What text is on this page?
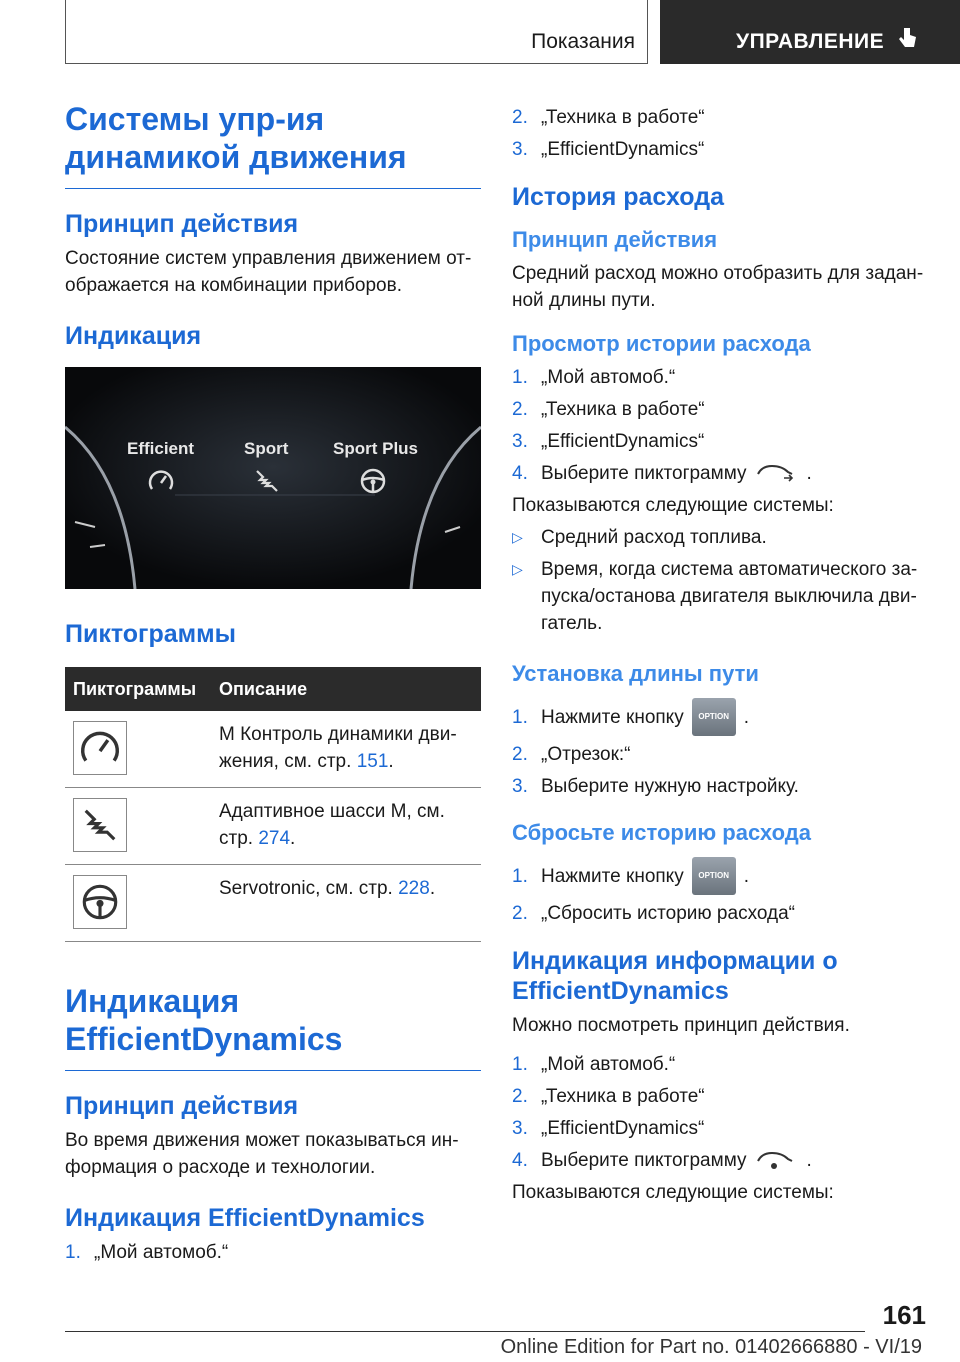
Показания	УПРАВЛЕНИЕ
Системы упр-ия динамикой движения
Принцип действия

Состояние систем управления движением отображается на комбинации приборов.

Индикация
Efficient	Sport	Sport Plus
Пиктограммы
Пиктограммы	Описание

	M Контроль динамики движения, см. стр. 151.

	Адаптивное шасси M, см. стр. 274.

	Servotronic, см. стр. 228.
Индикация EfficientDynamics
Принцип действия

Во время движения может показываться информация о расходе и технологии.

Индикация EfficientDynamics
1. „Мой автомоб.“
2. „Техника в работе“
3. „EfficientDynamics“
История расхода
Принцип действия

Средний расход можно отобразить для заданной длины пути.

Просмотр истории расхода
1. „Мой автомоб.“
2. „Техника в работе“
3. „EfficientDynamics“
4. Выберите пиктограмму	.

Показываются следующие системы:

▷ Средний расход топлива.
▷ Время, когда система автоматического запуска/останова двигателя выключила двигатель.
Установка длины пути
1. Нажмите кнопку	OPTION .
2. „Отрезок:“
3. Выберите нужную настройку.
Сбросьте историю расхода
1. Нажмите кнопку	OPTION .
2. „Сбросить историю расхода“
Индикация информации о EfficientDynamics

Можно посмотреть принцип действия.

1. „Мой автомоб.“
2. „Техника в работе“
3. „EfficientDynamics“
4. Выберите пиктограмму	.

Показываются следующие системы:

161
Online Edition for Part no. 01402666880 - VI/19
